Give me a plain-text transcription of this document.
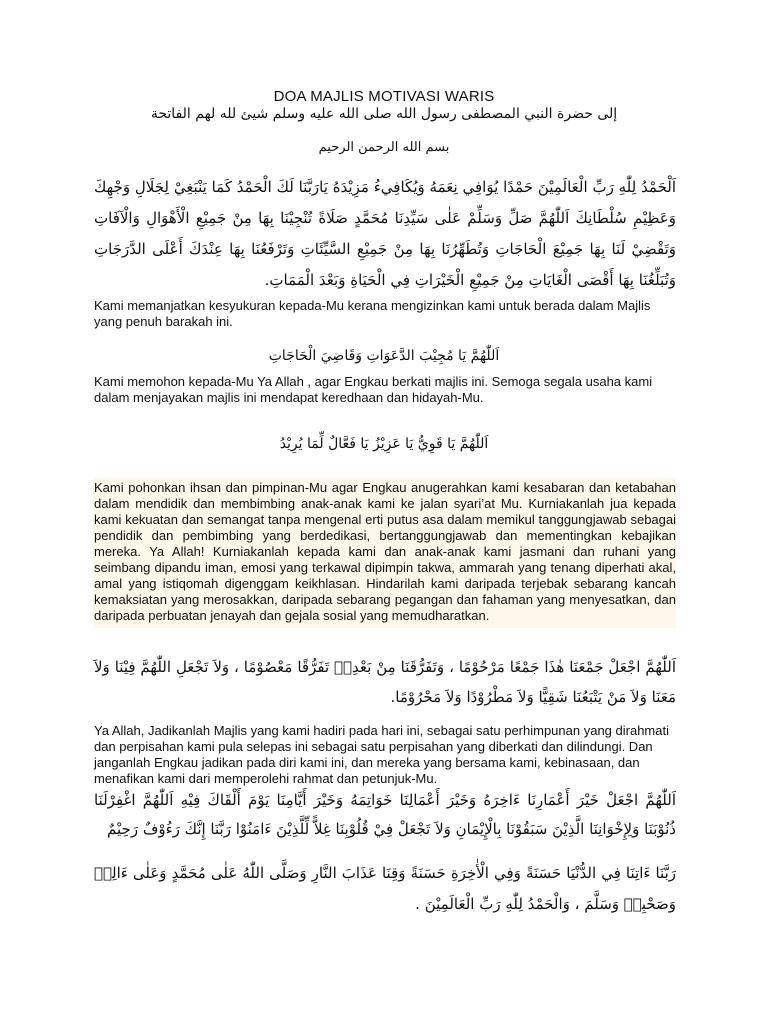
DOA MAJLIS MOTIVASI WARIS
إلى حضرة النبي المصطفى رسول الله صلى الله عليه وسلم شيئ لله لهم الفاتحة
بسم الله الرحمن الرحيم
اَلْحَمْدُ لِلّٰهِ رَبِّ الْعَالَمِيْنَ حَمْدًا يُوَافِي نِعَمَهُ وَيُكَافِيءُ مَزِيْدَهُ يَارَبَّنَا لَكَ الْحَمْدُ كَمَا يَنْبَغِيْ لِجَلَالِ وَجْهِكَ وَعَظِيْمِ سُلْطَانِكَ اَللّٰهُمَّ صَلِّ وَسَلِّمْ عَلٰى سَيِّدِنَا مُحَمَّدٍ صَلَاةً تُنْجِيْنَا بِهَا مِنْ جَمِيْعِ الْأَهْوَالِ وَالْآفَاتِ وَتَقْضِيْ لَنَا بِهَا جَمِيْعَ الْحَاجَاتِ وَتُطَهِّرُنَا بِهَا مِنْ جَمِيْعِ السَّيِّئَاتِ وَتَرْفَعُنَا بِهَا عِنْدَكَ أَعْلَى الدَّرَجَاتِ وَتُبَلِّغُنَا بِهَا أَقْصَى الْغَايَاتِ مِنْ جَمِيْعِ الْخَيْرَاتِ فِي الْحَيَاةِ وَبَعْدَ الْمَمَاتِ.
Kami memanjatkan kesyukuran kepada-Mu kerana mengizinkan kami untuk berada dalam Majlis yang penuh barakah ini.
اَللّٰهُمَّ يَا مُجِيْبَ الدَّعَوَاتِ وَقَاضِيَ الْحَاجَاتِ
Kami memohon kepada-Mu Ya Allah , agar Engkau berkati majlis ini. Semoga segala usaha kami dalam menjayakan majlis ini mendapat keredhaan dan hidayah-Mu.
اَللّٰهُمَّ يَا قَوِيُّ يَا عَزِيْزُ يَا فَعَّالٌ لِّمَا يُرِيْدُ
Kami pohonkan ihsan dan pimpinan-Mu agar Engkau anugerahkan kami kesabaran dan ketabahan dalam mendidik dan membimbing anak-anak kami ke jalan syari’at Mu. Kurniakanlah jua kepada kami kekuatan dan semangat tanpa mengenal erti putus asa dalam memikul tanggungjawab sebagai pendidik dan pembimbing yang berdedikasi, bertanggungjawab dan mementingkan kebajikan mereka. Ya Allah! Kurniakanlah kepada kami dan anak-anak kami jasmani dan ruhani yang seimbang dipandu iman, emosi yang terkawal dipimpin takwa, ammarah yang tenang diperhati akal, amal yang istiqomah digenggam keikhlasan. Hindarilah kami daripada terjebak sebarang kancah kemaksiatan yang merosakkan, daripada sebarang pegangan dan fahaman yang menyesatkan, dan daripada perbuatan jenayah dan gejala sosial yang memudharatkan.
اَللّٰهُمَّ اجْعَلْ جَمْعَنَا هٰذَا جَمْعًا مَرْحُوْمًا ، وَتَفَرُّقَنَا مِنْ بَعْدِهٖ تَفَرُّقًا مَعْصُوْمًا ، وَلاَ تَجْعَلِ اللّٰهُمَّ فِيْنَا وَلاَ مَعَنَا وَلاَ مَنْ يَتْبَعُنَا شَقِيًّا وَلاَ مَطْرُوْدًا وَلاَ مَحْرُوْمًا.
Ya Allah, Jadikanlah Majlis yang kami hadiri pada hari ini, sebagai satu perhimpunan yang dirahmati dan perpisahan kami pula selepas ini sebagai satu perpisahan yang diberkati dan dilindungi. Dan janganlah Engkau jadikan pada diri kami ini, dan mereka yang bersama kami, kebinasaan, dan menafikan kami dari memperolehi rahmat dan petunjuk-Mu.
اَللّٰهُمَّ اجْعَلْ خَيْرَ أَعْمَارِنَا ءَاخِرَهُ وَخَيْرَ أَعْمَالِنَا خَوَاتِمَهُ وَخَيْرَ أَيَّامِنَا يَوْمَ أَلْقَاكَ فِيْهِ اَللّٰهُمَّ اغْفِرْلَنَا ذُنُوْبَنَا وَلِإِخْوَانِنَا الَّذِيْنَ سَبَقُوْنَا بِالْإِيْمَانِ وَلاَ تَجْعَلْ فِيْ قُلُوْبِنَا غِلاًّ لِّلَّذِيْنَ ءَامَنُوْا رَبَّنَا إِنَّكَ رَءُوْفٌ رَحِيْمٌ
رَبَّنَا ءَاتِنَا فِي الدُّنْيَا حَسَنَةً وَفِي الْأٰخِرَةِ حَسَنَةً وَقِنَا عَذَابَ النَّارِ وَصَلَّى اللّٰهُ عَلٰى مُحَمَّدٍ وَعَلٰى ءَالِهٖ وَصَحْبِهٖ وَسَلَّمَ ، وَالْحَمْدُ لِلّٰهِ رَبِّ الْعَالَمِيْنَ .
